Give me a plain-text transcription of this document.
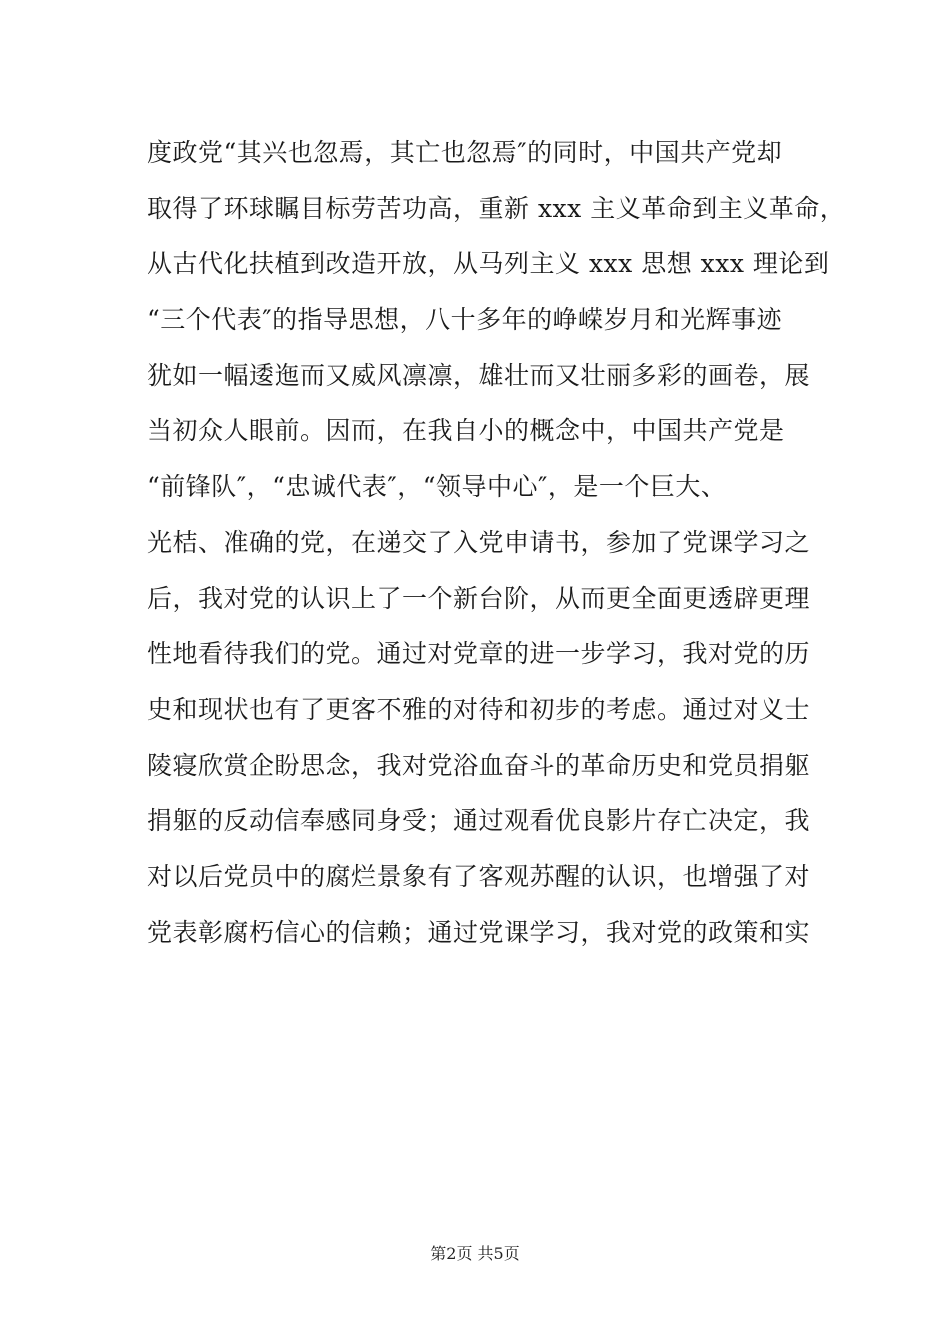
度政党“其兴也忽焉，其亡也忽焉″的同时，中国共产党却
取得了环球瞩目标劳苦功高，重新 xxx 主义革命到主义革命，
从古代化扶植到改造开放，从马列主义 xxx 思想 xxx 理论到
“三个代表″的指导思想，八十多年的峥嵘岁月和光辉事迹
犹如一幅逶迤而又威风凛凛，雄壮而又壮丽多彩的画卷，展
当初众人眼前。因而，在我自小的概念中，中国共产党是
“前锋队″，“忠诚代表″，“领导中心″，是一个巨大、
光桔、准确的党，在递交了入党申请书，参加了党课学习之
后，我对党的认识上了一个新台阶，从而更全面更透辟更理
性地看待我们的党。通过对党章的进一步学习，我对党的历
史和现状也有了更客不雅的对待和初步的考虑。通过对义士
陵寝欣赏企盼思念，我对党浴血奋斗的革命历史和党员捐躯
捐躯的反动信奉感同身受；通过观看优良影片存亡决定，我
对以后党员中的腐烂景象有了客观苏醒的认识，也增强了对
党表彰腐朽信心的信赖；通过党课学习，我对党的政策和实
第2页 共5页
